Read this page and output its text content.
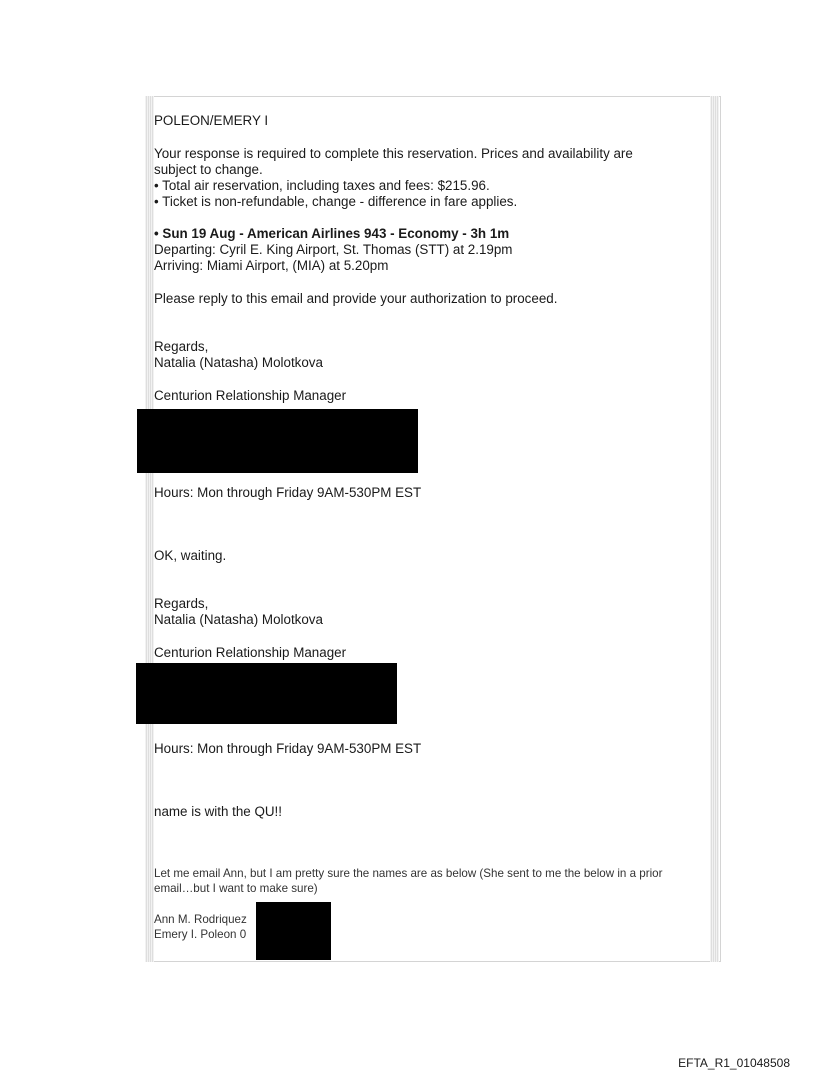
POLEON/EMERY I

Your response is required to complete this reservation. Prices and availability are

subject to change.

• Total air reservation, including taxes and fees: $215.96.

• Ticket is non-refundable, change - difference in fare applies.

• Sun 19 Aug - American Airlines 943 - Economy - 3h 1m

Departing: Cyril E. King Airport, St. Thomas (STT) at 2.19pm

Arriving: Miami Airport, (MIA) at 5.20pm

Please reply to this email and provide your authorization to proceed.

Regards,

Natalia (Natasha) Molotkova

Centurion Relationship Manager

Hours: Mon through Friday 9AM-530PM EST

OK, waiting.

Regards,

Natalia (Natasha) Molotkova

Centurion Relationship Manager

Hours: Mon through Friday 9AM-530PM EST

name is with the QU!!

Let me email Ann, but I am pretty sure the names are as below (She sent to me the below in a prior

email…but I want to make sure)

Ann M. Rodriquez

Emery I. Poleon 0

EFTA_R1_01048508
